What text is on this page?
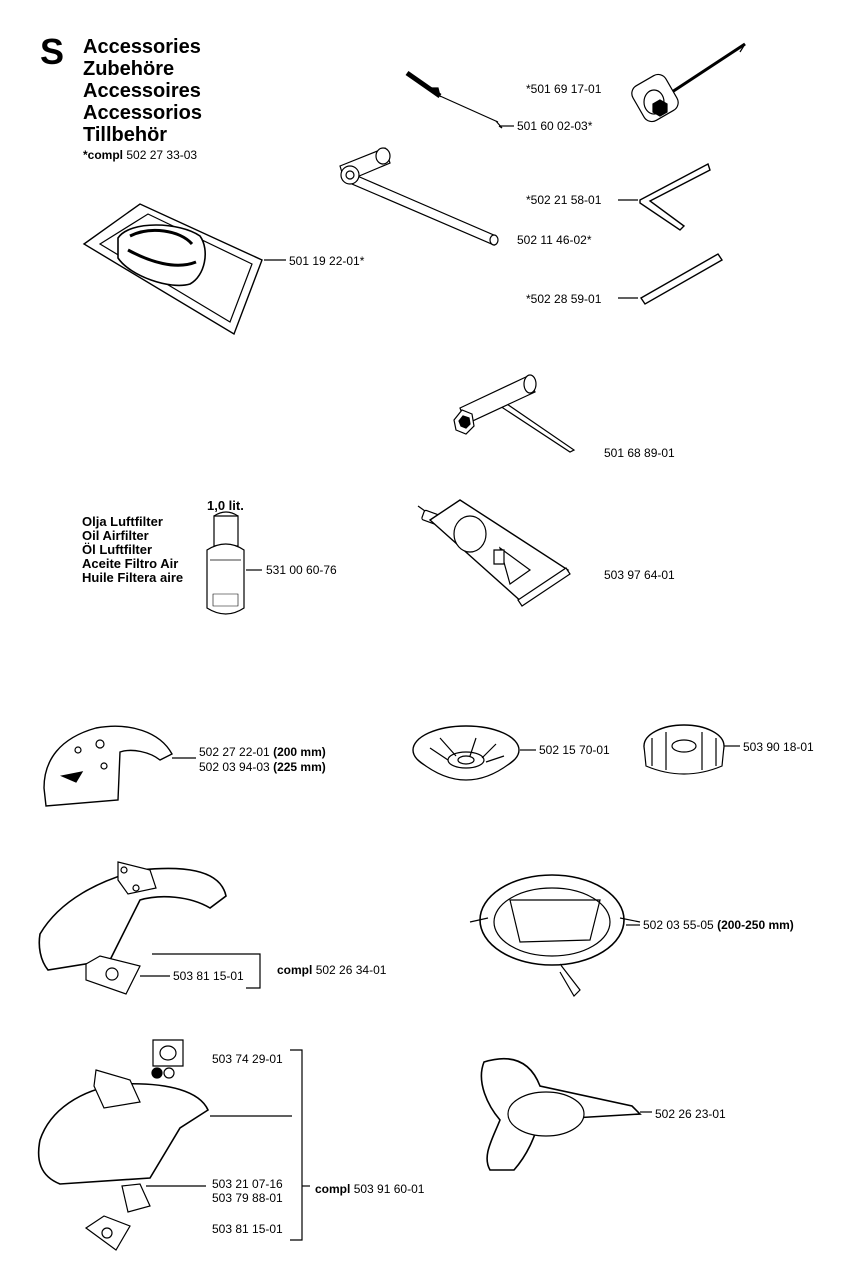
S Accessories
Zubehöre
Accessoires
Accessorios
Tillbehör
*compl 502 27 33-03
*501 69 17-01
501 60 02-03*
*502 21 58-01
502 11 46-02*
501 19 22-01*
*502 28 59-01
501 68 89-01
1,0 lit.
Olja Luftfilter
Oil Airfilter
Öl Luftfilter
Aceite Filtro Air
Huile Filtera aire	531 00 60-76	503 97 64-01
502 27 22-01 (200 mm)
502 03 94-03 (225 mm)
502 15 70-01	503 90 18-01
502 03 55-05 (200-250 mm)
503 81 15-01	compl 502 26 34-01
503 74 29-01
503 21 07-16
503 79 88-01
503 81 15-01
compl 503 91 60-01
502 26 23-01
